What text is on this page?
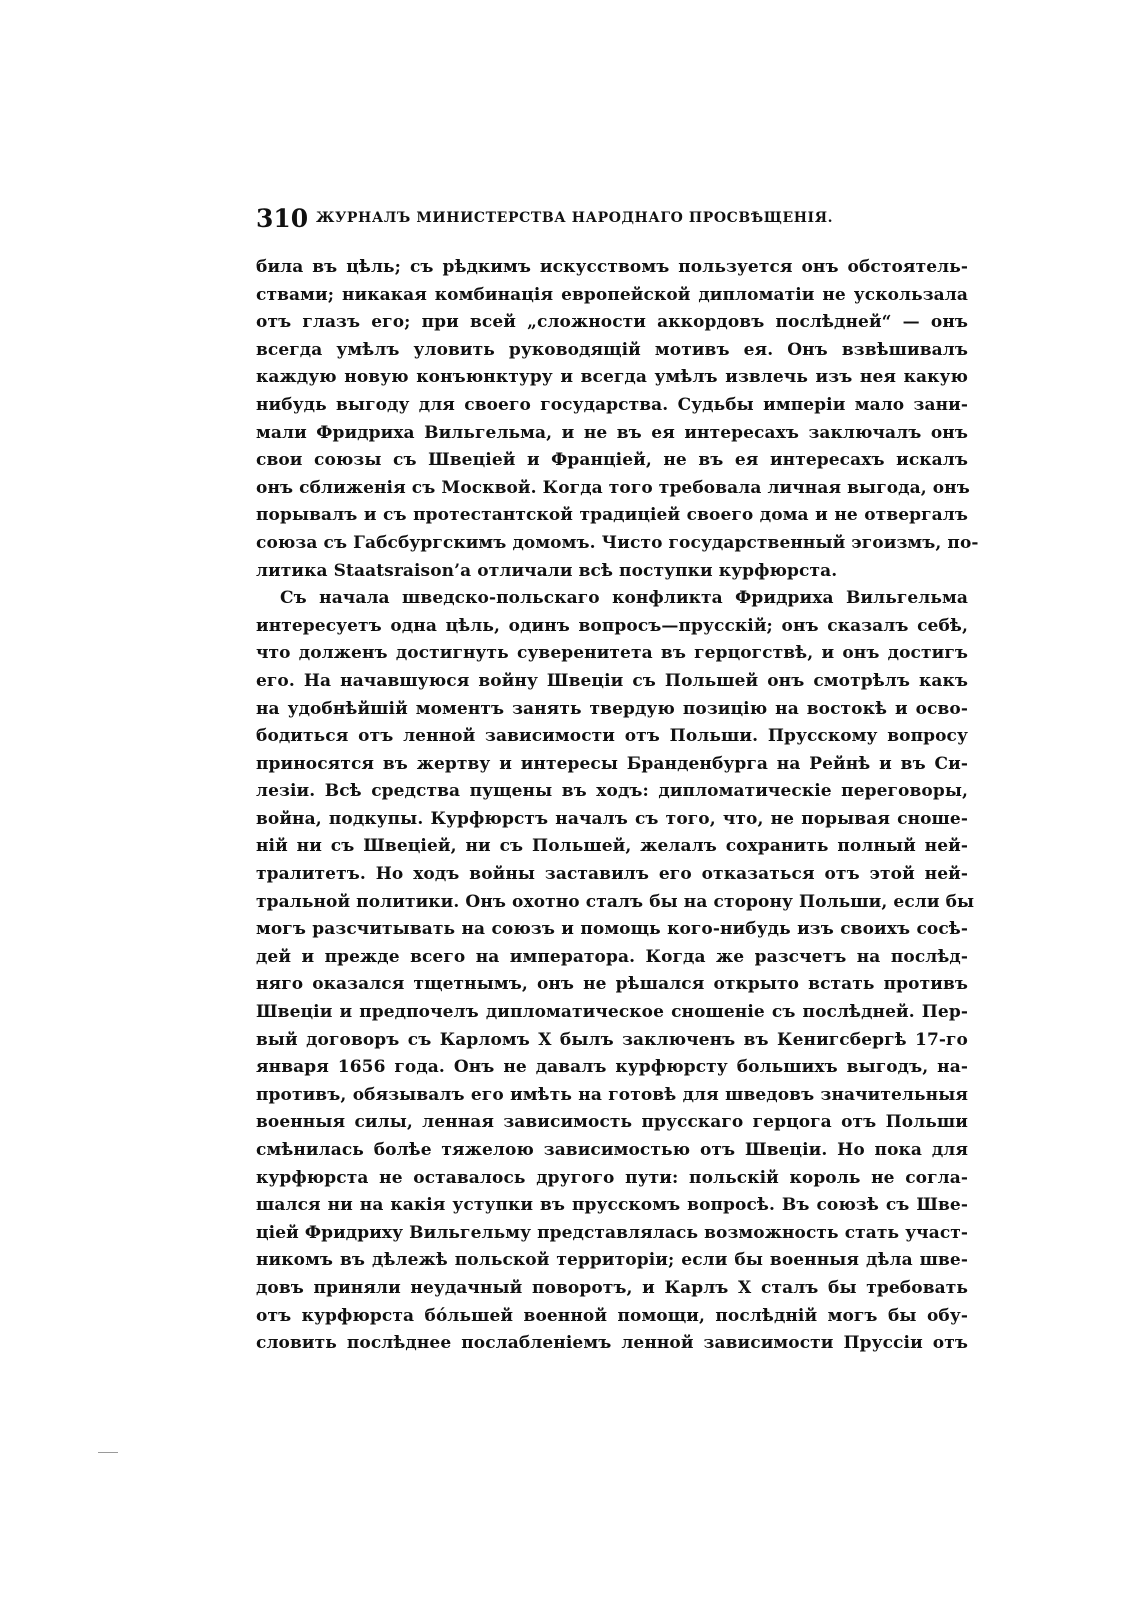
310 ЖУРНАЛЪ МИНИСТЕРСТВА НАРОДНАГО ПРОСВѢЩЕНІЯ.
била въ цѣль; съ рѣдкимъ искусствомъ пользуется онъ обстоятель-
ствами; никакая комбинація европейской дипломатіи не ускользала
отъ глазъ его; при всей „сложности аккордовъ послѣдней“ — онъ
всегда умѣлъ уловить руководящій мотивъ ея. Онъ взвѣшивалъ
каждую новую конъюнктуру и всегда умѣлъ извлечь изъ нея какую
нибудь выгоду для своего государства. Судьбы имперіи мало зани-
мали Фридриха Вильгельма, и не въ ея интересахъ заключалъ онъ
свои союзы съ Швеціей и Франціей, не въ ея интересахъ искалъ
онъ сближенія съ Москвой. Когда того требовала личная выгода, онъ
порывалъ и съ протестантской традиціей своего дома и не отвергалъ
союза съ Габсбургскимъ домомъ. Чисто государственный эгоизмъ, по-
литика Staatsraison’а отличали всѣ поступки курфюрста.
Съ начала шведско-польскаго конфликта Фридриха Вильгельма
интересуетъ одна цѣль, одинъ вопросъ—прусскій; онъ сказалъ себѣ,
что долженъ достигнуть суверенитета въ герцогствѣ, и онъ достигъ
его. На начавшуюся войну Швеціи съ Польшей онъ смотрѣлъ какъ
на удобнѣйшій моментъ занять твердую позицію на востокѣ и осво-
бодиться отъ ленной зависимости отъ Польши. Прусскому вопросу
приносятся въ жертву и интересы Бранденбурга на Рейнѣ и въ Си-
лезіи. Всѣ средства пущены въ ходъ: дипломатическіе переговоры,
война, подкупы. Курфюрстъ началъ съ того, что, не порывая сноше-
ній ни съ Швеціей, ни съ Польшей, желалъ сохранить полный ней-
тралитетъ. Но ходъ войны заставилъ его отказаться отъ этой ней-
тральной политики. Онъ охотно сталъ бы на сторону Польши, если бы
могъ разсчитывать на союзъ и помощь кого-нибудь изъ своихъ сосѣ-
дей и прежде всего на императора. Когда же разсчетъ на послѣд-
няго оказался тщетнымъ, онъ не рѣшался открыто встать противъ
Швеціи и предпочелъ дипломатическое сношеніе съ послѣдней. Пер-
вый договоръ съ Карломъ X былъ заключенъ въ Кенигсбергѣ 17-го
января 1656 года. Онъ не давалъ курфюрсту большихъ выгодъ, на-
противъ, обязывалъ его имѣть на готовѣ для шведовъ значительныя
военныя силы, ленная зависимость прусскаго герцога отъ Польши
смѣнилась болѣе тяжелою зависимостью отъ Швеціи. Но пока для
курфюрста не оставалось другого пути: польскій король не согла-
шался ни на какія уступки въ прусскомъ вопросѣ. Въ союзѣ съ Шве-
ціей Фридриху Вильгельму представлялась возможность стать участ-
никомъ въ дѣлежѣ польской территоріи; если бы военныя дѣла шве-
довъ приняли неудачный поворотъ, и Карлъ X сталъ бы требовать
отъ курфюрста бóльшей военной помощи, послѣдній могъ бы обу-
словить послѣднее послабленіемъ ленной зависимости Пруссіи отъ
